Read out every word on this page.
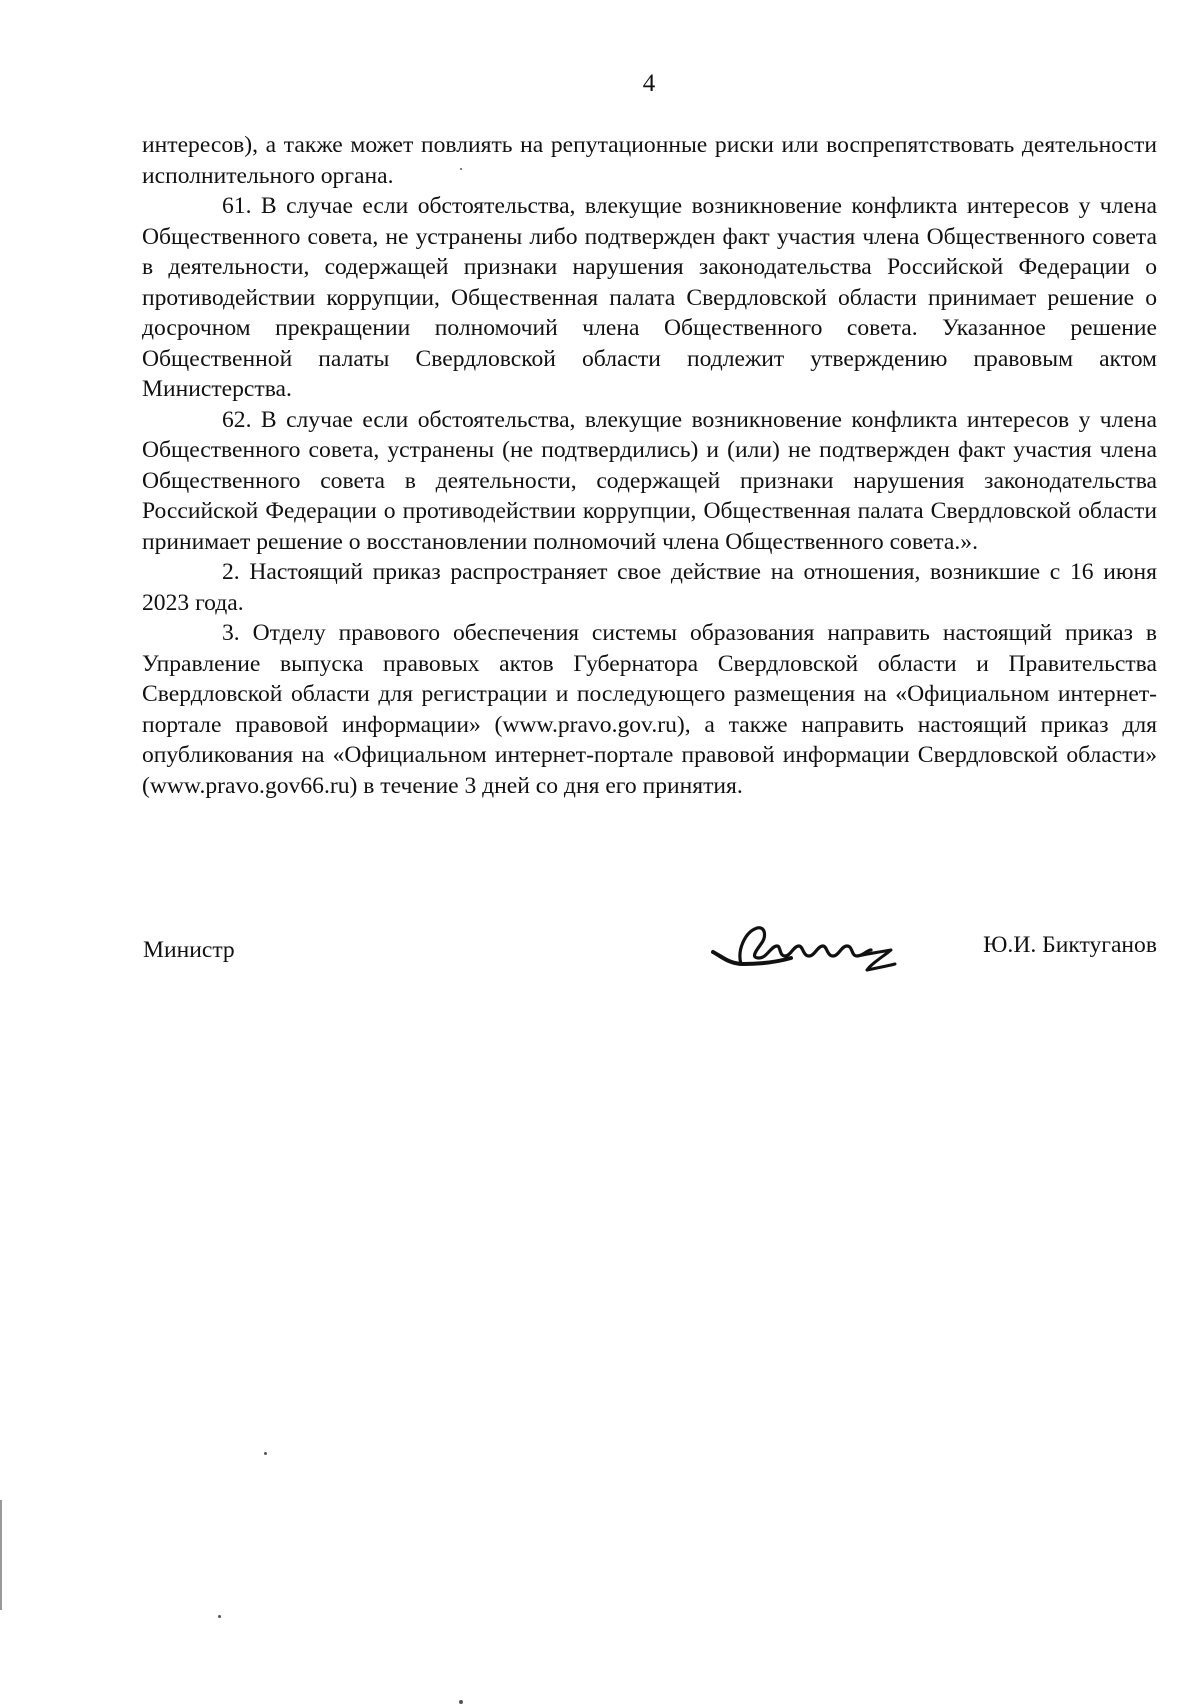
4

интересов), а также может повлиять на репутационные риски или воспрепятствовать деятельности исполнительного органа.

61. В случае если обстоятельства, влекущие возникновение конфликта интересов у члена Общественного совета, не устранены либо подтвержден факт участия члена Общественного совета в деятельности, содержащей признаки нарушения законодательства Российской Федерации о противодействии коррупции, Общественная палата Свердловской области принимает решение о досрочном прекращении полномочий члена Общественного совета. Указанное решение Общественной палаты Свердловской области подлежит утверждению правовым актом Министерства.

62. В случае если обстоятельства, влекущие возникновение конфликта интересов у члена Общественного совета, устранены (не подтвердились) и (или) не подтвержден факт участия члена Общественного совета в деятельности, содержащей признаки нарушения законодательства Российской Федерации о противодействии коррупции, Общественная палата Свердловской области принимает решение о восстановлении полномочий члена Общественного совета.».

2. Настоящий приказ распространяет свое действие на отношения, возникшие с 16 июня 2023 года.

3. Отделу правового обеспечения системы образования направить настоящий приказ в Управление выпуска правовых актов Губернатора Свердловской области и Правительства Свердловской области для регистрации и последующего размещения на «Официальном интернет-портале правовой информации» (www.pravo.gov.ru), а также направить настоящий приказ для опубликования на «Официальном интернет-портале правовой информации Свердловской области» (www.pravo.gov66.ru) в течение 3 дней со дня его принятия.

Министр	Ю.И. Биктуганов
